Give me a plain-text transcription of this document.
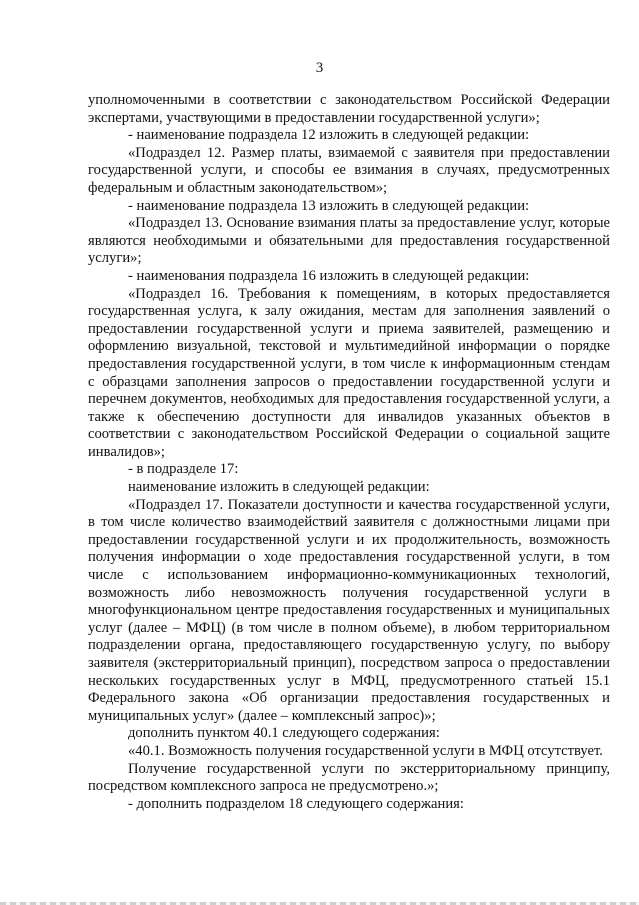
3

уполномоченными в соответствии с законодательством Российской Федерации экспертами, участвующими в предоставлении государственной услуги»;

- наименование подраздела 12 изложить в следующей редакции:

«Подраздел 12. Размер платы, взимаемой с заявителя при предоставлении государственной услуги, и способы ее взимания в случаях, предусмотренных федеральным и областным законодательством»;

- наименование подраздела 13 изложить в следующей редакции:

«Подраздел 13. Основание взимания платы за предоставление услуг, которые являются необходимыми и обязательными для предоставления государственной услуги»;

- наименования подраздела 16 изложить в следующей редакции:

«Подраздел 16. Требования к помещениям, в которых предоставляется государственная услуга, к залу ожидания, местам для заполнения заявлений о предоставлении государственной услуги и приема заявителей, размещению и оформлению визуальной, текстовой и мультимедийной информации о порядке предоставления государственной услуги, в том числе к информационным стендам с образцами заполнения запросов о предоставлении государственной услуги и перечнем документов, необходимых для предоставления государственной услуги, а также к обеспечению доступности для инвалидов указанных объектов в соответствии с законодательством Российской Федерации о социальной защите инвалидов»;

- в подразделе 17:

наименование изложить в следующей редакции:

«Подраздел 17. Показатели доступности и качества государственной услуги, в том числе количество взаимодействий заявителя с должностными лицами при предоставлении государственной услуги и их продолжительность, возможность получения информации о ходе предоставления государственной услуги, в том числе с использованием информационно-коммуникационных технологий, возможность либо невозможность получения государственной услуги в многофункциональном центре предоставления государственных и муниципальных услуг (далее – МФЦ) (в том числе в полном объеме), в любом территориальном подразделении органа, предоставляющего государственную услугу, по выбору заявителя (экстерриториальный принцип), посредством запроса о предоставлении нескольких государственных услуг в МФЦ, предусмотренного статьей 15.1 Федерального закона «Об организации предоставления государственных и муниципальных услуг» (далее – комплексный запрос)»;

дополнить пунктом 40.1 следующего содержания:

«40.1. Возможность получения государственной услуги в МФЦ отсутствует.

Получение государственной услуги по экстерриториальному принципу, посредством комплексного запроса не предусмотрено.»;

- дополнить подразделом 18 следующего содержания:
